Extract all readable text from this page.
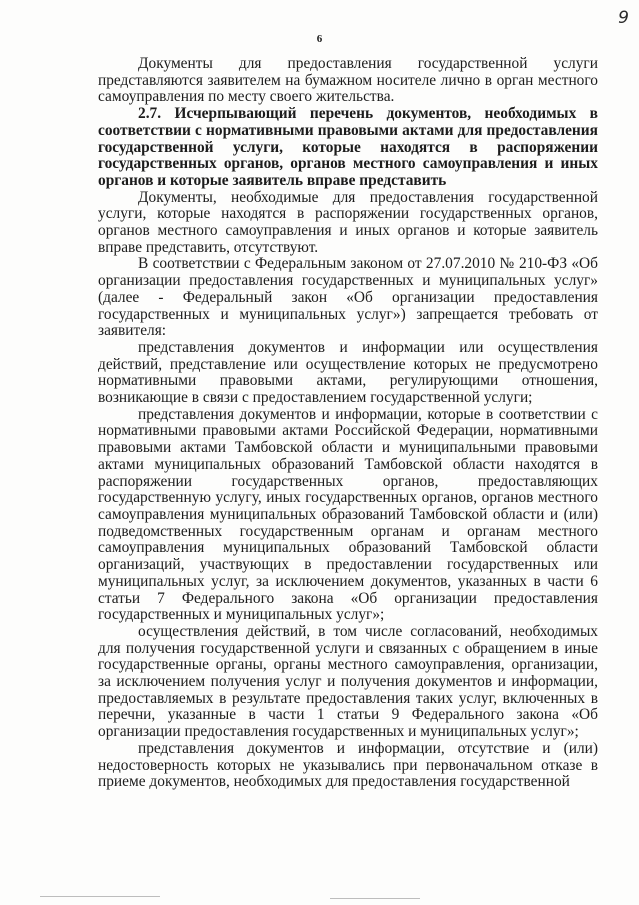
9
6

Документы для предоставления государственной услуги представляются заявителем на бумажном носителе лично в орган местного самоуправления по месту своего жительства.

2.7. Исчерпывающий перечень документов, необходимых в соответствии с нормативными правовыми актами для предоставления государственной услуги, которые находятся в распоряжении государственных органов, органов местного самоуправления и иных органов и которые заявитель вправе представить

Документы, необходимые для предоставления государственной услуги, которые находятся в распоряжении государственных органов, органов местного самоуправления и иных органов и которые заявитель вправе представить, отсутствуют.

В соответствии с Федеральным законом от 27.07.2010 № 210-ФЗ «Об организации предоставления государственных и муниципальных услуг» (далее - Федеральный закон «Об организации предоставления государственных и муниципальных услуг») запрещается требовать от заявителя:

представления документов и информации или осуществления действий, представление или осуществление которых не предусмотрено нормативными правовыми актами, регулирующими отношения, возникающие в связи с предоставлением государственной услуги;

представления документов и информации, которые в соответствии с нормативными правовыми актами Российской Федерации, нормативными правовыми актами Тамбовской области и муниципальными правовыми актами муниципальных образований Тамбовской области находятся в распоряжении государственных органов, предоставляющих государственную услугу, иных государственных органов, органов местного самоуправления муниципальных образований Тамбовской области и (или) подведомственных государственным органам и органам местного самоуправления муниципальных образований Тамбовской области организаций, участвующих в предоставлении государственных или муниципальных услуг, за исключением документов, указанных в части 6 статьи 7 Федерального закона «Об организации предоставления государственных и муниципальных услуг»;

осуществления действий, в том числе согласований, необходимых для получения государственной услуги и связанных с обращением в иные государственные органы, органы местного самоуправления, организации, за исключением получения услуг и получения документов и информации, предоставляемых в результате предоставления таких услуг, включенных в перечни, указанные в части 1 статьи 9 Федерального закона «Об организации предоставления государственных и муниципальных услуг»;

представления документов и информации, отсутствие и (или) недостоверность которых не указывались при первоначальном отказе в приеме документов, необходимых для предоставления государственной
